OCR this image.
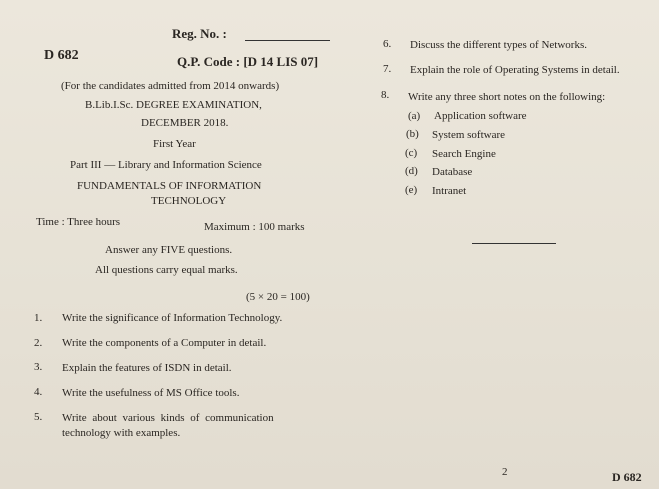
Reg. No. :
D 682	Q.P. Code : [D 14 LIS 07]
(For the candidates admitted from 2014 onwards)
B.Lib.I.Sc. DEGREE EXAMINATION,
DECEMBER 2018.
First Year
Part III — Library and Information Science
FUNDAMENTALS OF INFORMATION
TECHNOLOGY
Time : Three hours	Maximum : 100 marks
Answer any FIVE questions.
All questions carry equal marks.
(5 × 20 = 100)
1. Write the significance of Information Technology.
2. Write the components of a Computer in detail.
3. Explain the features of ISDN in detail.
4. Write the usefulness of MS Office tools.
5. Write about various kinds of communication
technology with examples.
6. Discuss the different types of Networks.
7. Explain the role of Operating Systems in detail.
8. Write any three short notes on the following:
(a) Application software
(b) System software
(c) Search Engine
(d) Database
(e) Intranet
2	D 682
